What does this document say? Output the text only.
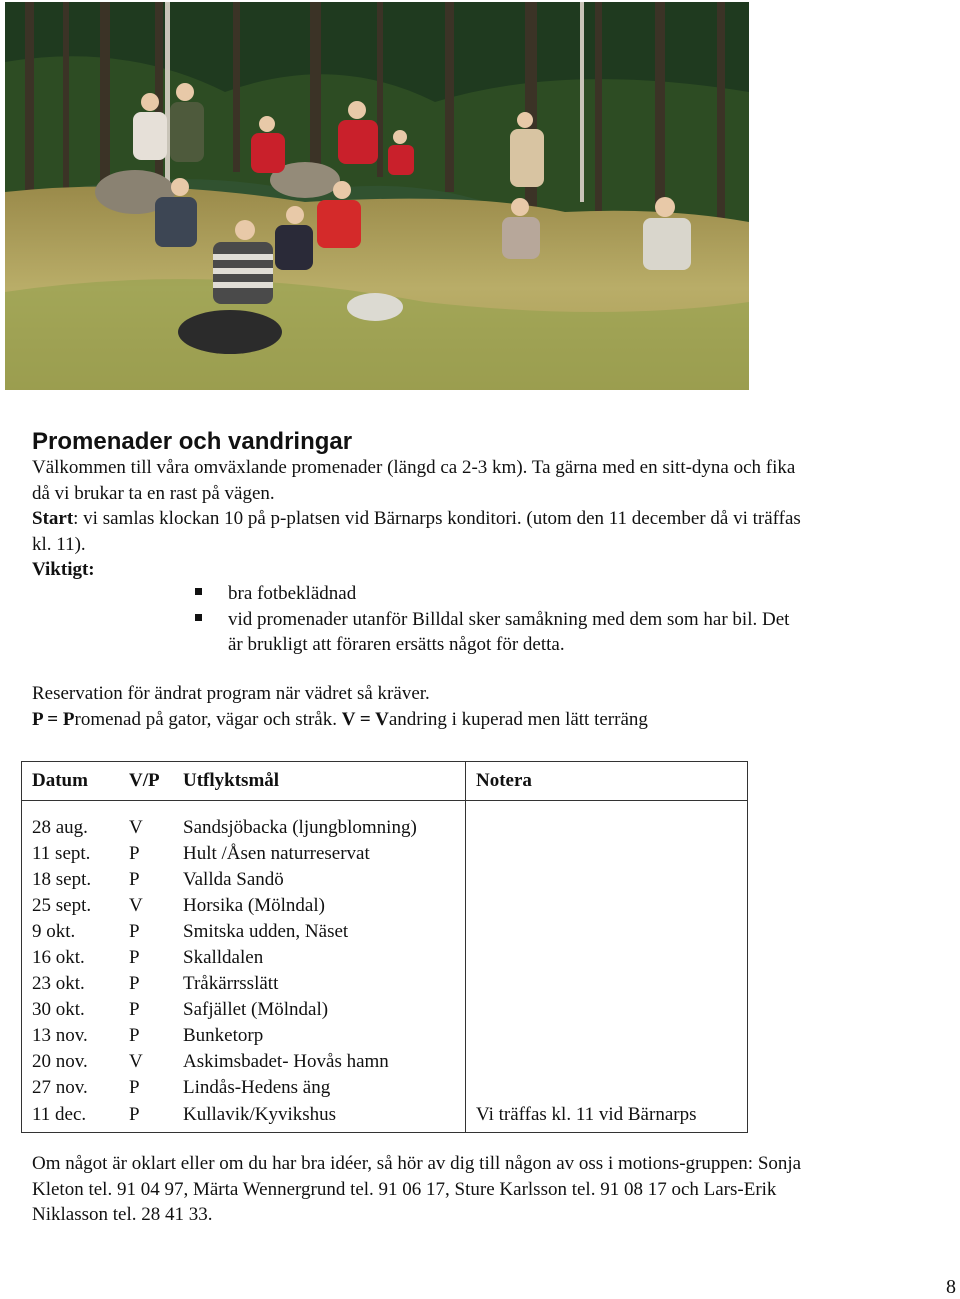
Promenader och vandringar
Välkommen till våra omväxlande promenader (längd ca 2-3 km). Ta gärna med en sitt-dyna och fika då vi brukar ta en rast på vägen.
Start: vi samlas klockan 10 på p-platsen vid Bärnarps konditori. (utom den 11 december då vi träffas kl. 11).
Viktigt:
bra fotbeklädnad
vid promenader utanför Billdal sker samåkning med dem som har bil. Det är brukligt att föraren ersätts något för detta.
Reservation för ändrat program när vädret så kräver.
P = Promenad på gator, vägar och stråk. V = Vandring i kuperad men lätt terräng
Datum	V/P	Utflyktsmål	Notera

28 aug.	V	Sandsjöbacka (ljungblomning)	
11 sept.	P	Hult /Åsen naturreservat	
18 sept.	P	Vallda Sandö	
25 sept.	V	Horsika (Mölndal)	
9 okt.	P	Smitska udden, Näset	
16 okt.	P	Skalldalen	
23 okt.	P	Tråkärrsslätt	
30 okt.	P	Safjället (Mölndal)	
13 nov.	P	Bunketorp	
20 nov.	V	Askimsbadet- Hovås hamn	
27 nov.	P	Lindås-Hedens äng	
11 dec.	P	Kullavik/Kyvikshus	Vi träffas kl. 11 vid Bärnarps
Om något är oklart eller om du har bra idéer, så hör av dig till någon av oss i motions-gruppen: Sonja Kleton tel. 91 04 97, Märta Wennergrund tel. 91 06 17, Sture Karlsson tel. 91 08 17 och Lars-Erik Niklasson tel. 28 41 33.
8
